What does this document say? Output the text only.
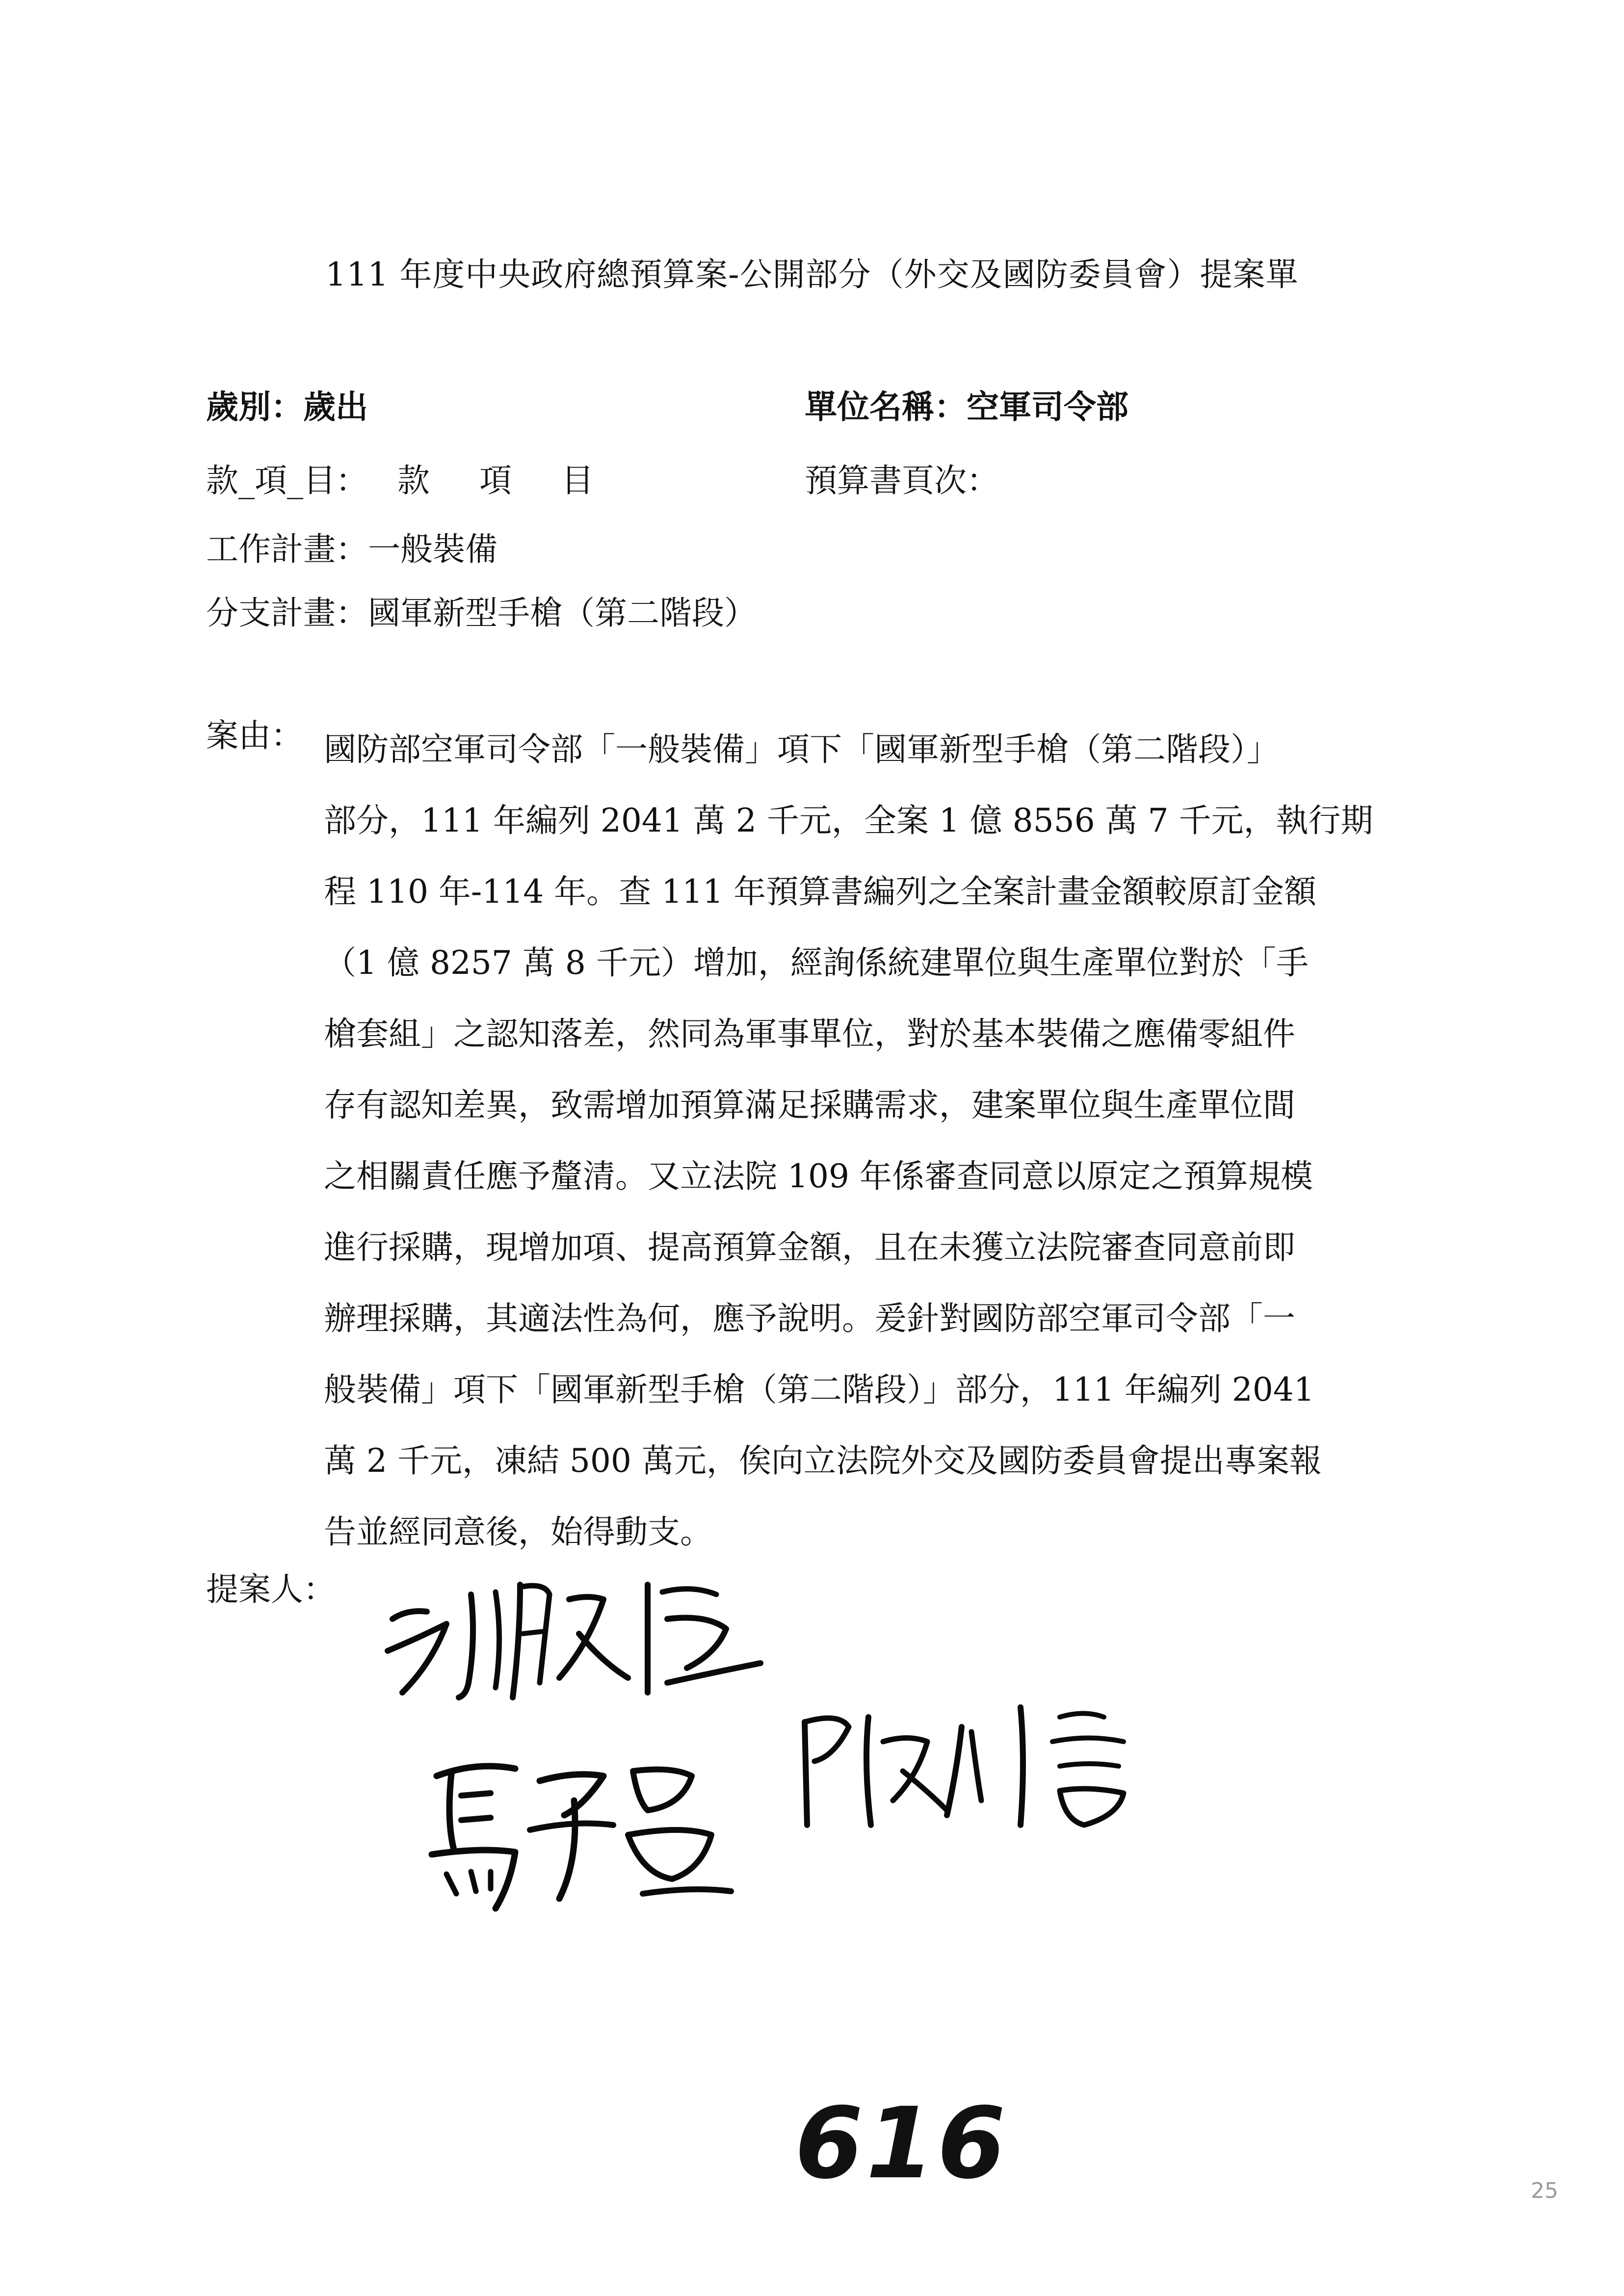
111 年度中央政府總預算案-公開部分（外交及國防委員會）提案單
歲別：歲出	單位名稱：空軍司令部
款_項_目： 款 項 目	預算書頁次：
工作計畫：一般裝備
分支計畫：國軍新型手槍（第二階段）
案由： 國防部空軍司令部「一般裝備」項下「國軍新型手槍（第二階段）」
部分，111 年編列 2041 萬 2 千元，全案 1 億 8556 萬 7 千元，執行期
程 110 年-114 年。查 111 年預算書編列之全案計畫金額較原訂金額
（1 億 8257 萬 8 千元）增加，經詢係統建單位與生產單位對於「手
槍套組」之認知落差，然同為軍事單位，對於基本裝備之應備零組件
存有認知差異，致需增加預算滿足採購需求，建案單位與生產單位間
之相關責任應予釐清。又立法院 109 年係審查同意以原定之預算規模
進行採購，現增加項、提高預算金額，且在未獲立法院審查同意前即
辦理採購，其適法性為何，應予說明。爰針對國防部空軍司令部「一
般裝備」項下「國軍新型手槍（第二階段）」部分，111 年編列 2041
萬 2 千元，凍結 500 萬元，俟向立法院外交及國防委員會提出專案報
告並經同意後，始得動支。
提案人：
616	25
